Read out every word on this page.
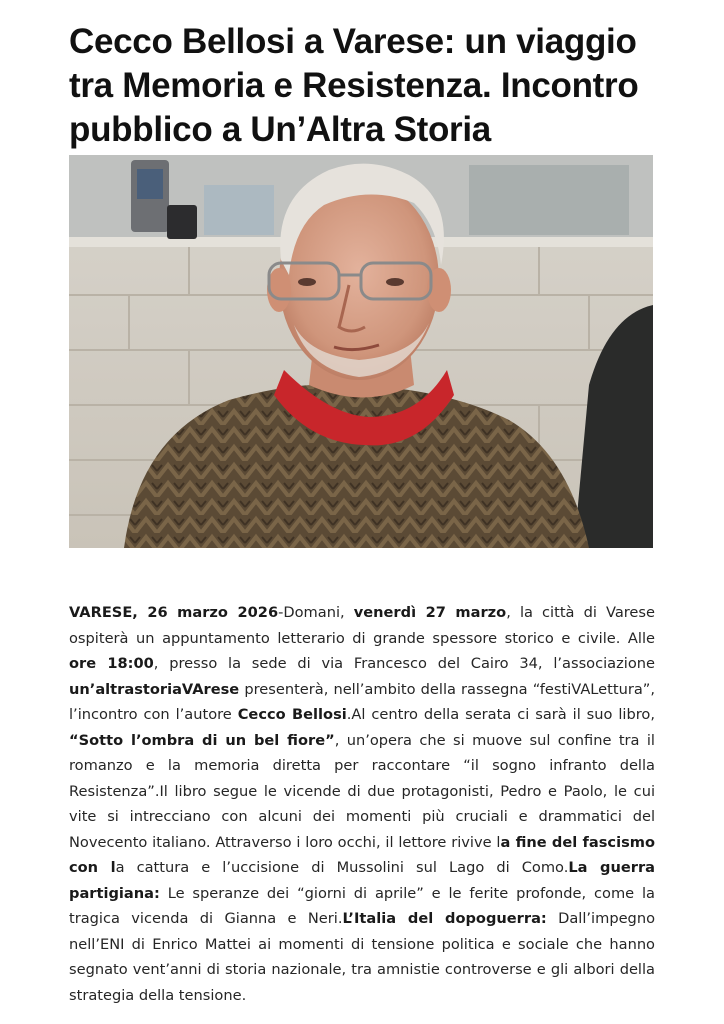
Cecco Bellosi a Varese: un viaggio tra Memoria e Resistenza. Incontro pubblico a Un’Altra Storia

VARESE, 26 marzo 2026-Domani, venerdì 27 marzo, la città di Varese ospiterà un appuntamento letterario di grande spessore storico e civile. Alle ore 18:00, presso la sede di via Francesco del Cairo 34, l’associazione un’altrastoriaVArese presenterà, nell’ambito della rassegna “festiVALettura”, l’incontro con l’autore Cecco Bellosi.Al centro della serata ci sarà il suo libro, “Sotto l’ombra di un bel fiore”, un’opera che si muove sul confine tra il romanzo e la memoria diretta per raccontare “il sogno infranto della Resistenza”.Il libro segue le vicende di due protagonisti, Pedro e Paolo, le cui vite si intrecciano con alcuni dei momenti più cruciali e drammatici del Novecento italiano. Attraverso i loro occhi, il lettore rivive la fine del fascismo con la cattura e l’uccisione di Mussolini sul Lago di Como.La guerra partigiana: Le speranze dei “giorni di aprile” e le ferite profonde, come la tragica vicenda di Gianna e Neri.L’Italia del dopoguerra: Dall’impegno nell’ENI di Enrico Mattei ai momenti di tensione politica e sociale che hanno segnato vent’anni di storia nazionale, tra amnistie controverse e gli albori della strategia della tensione.
